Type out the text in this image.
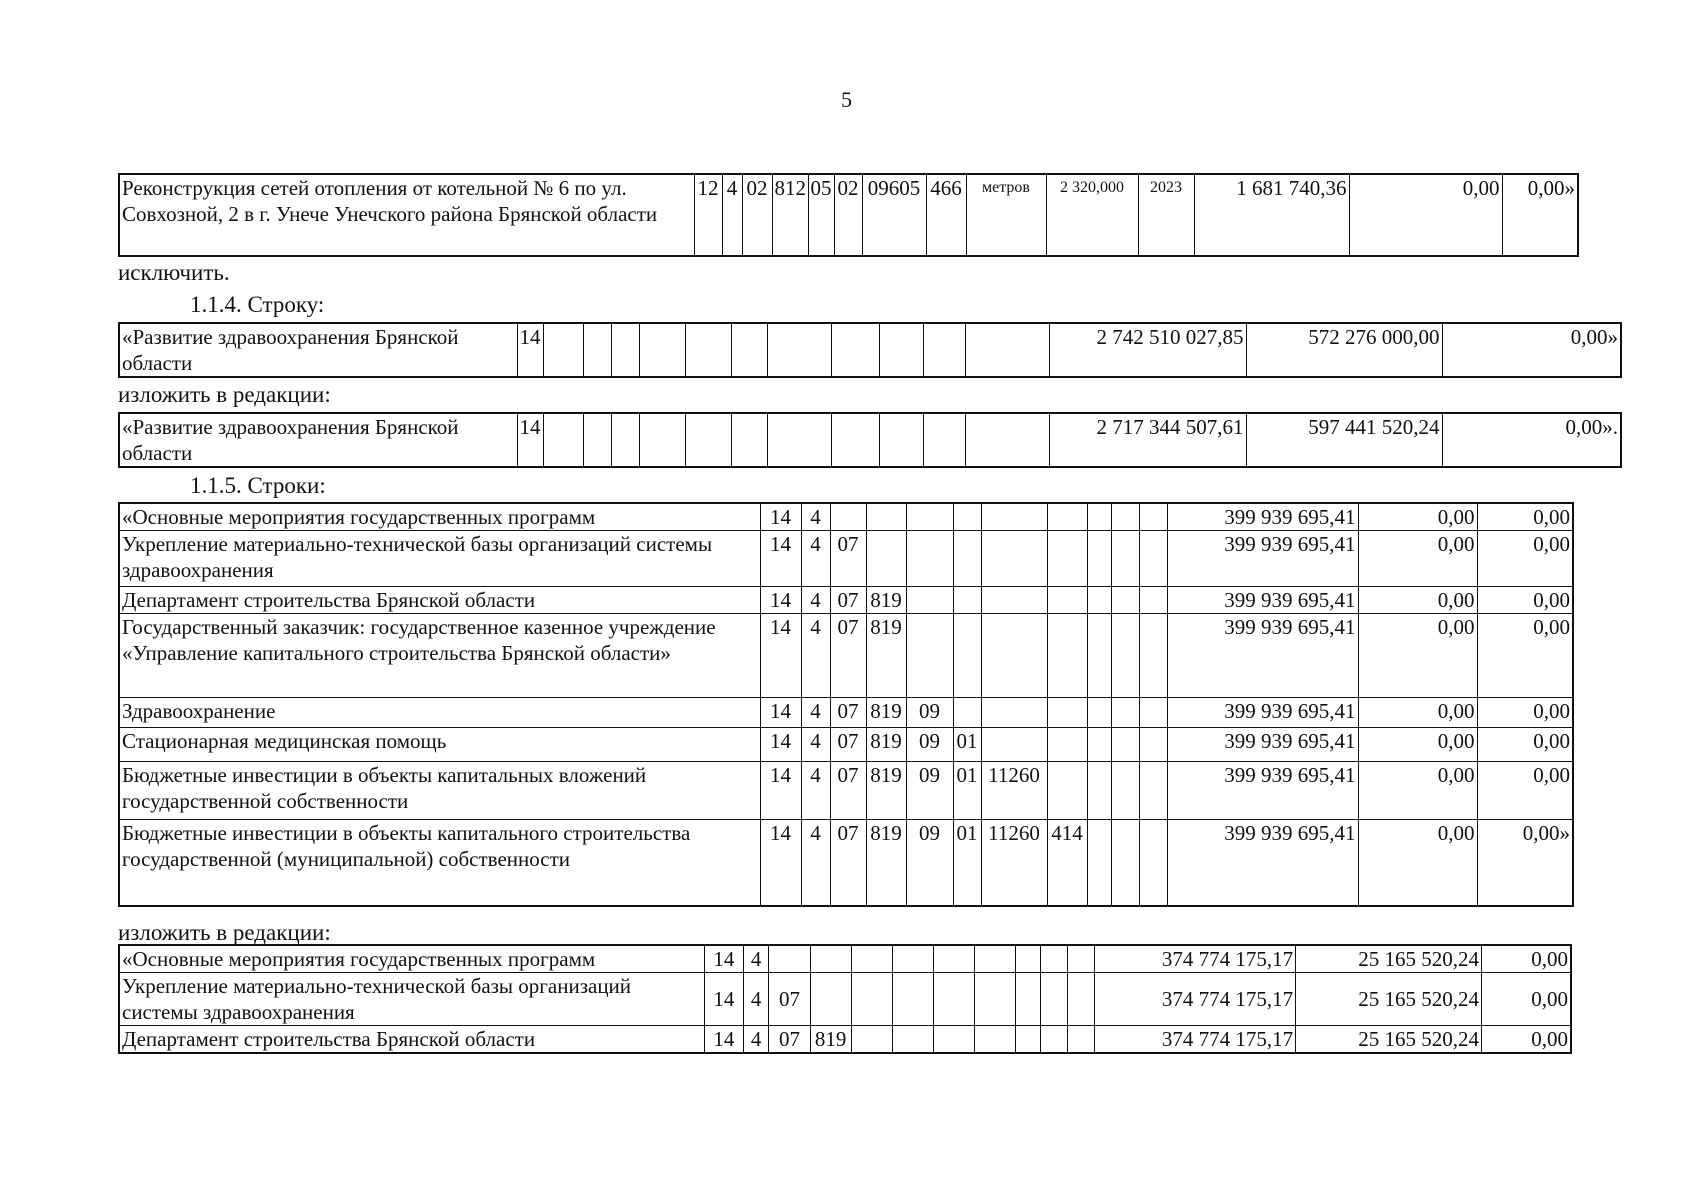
5
Реконструкция сетей отопления от котельной № 6 по ул. Совхозной, 2 в г. Унече Унечского района Брянской области	12	4	02	812	05	02	09605	466	метров	2 320,000	2023	1 681 740,36	0,00	0,00»
исключить.
1.1.4. Строку:
«Развитие здравоохранения Брянской области	14												2 742 510 027,85	572 276 000,00	0,00»
изложить в редакции:
«Развитие здравоохранения Брянской области	14												2 717 344 507,61	597 441 520,24	0,00».
1.1.5. Строки:
«Основные мероприятия государственных программ	14	4										399 939 695,41	0,00	0,00
Укрепление материально-технической базы организаций системы здравоохранения	14	4	07									399 939 695,41	0,00	0,00
Департамент строительства Брянской области	14	4	07	819								399 939 695,41	0,00	0,00
Государственный заказчик: государственное казенное учреждение «Управление капитального строительства Брянской области»	14	4	07	819								399 939 695,41	0,00	0,00
Здравоохранение	14	4	07	819	09							399 939 695,41	0,00	0,00
Стационарная медицинская помощь	14	4	07	819	09	01						399 939 695,41	0,00	0,00
Бюджетные инвестиции в объекты капитальных вложений государственной собственности	14	4	07	819	09	01	11260					399 939 695,41	0,00	0,00
Бюджетные инвестиции в объекты капитального строительства государственной (муниципальной) собственности	14	4	07	819	09	01	11260	414				399 939 695,41	0,00	0,00»
изложить в редакции:
«Основные мероприятия государственных программ	14	4										374 774 175,17	25 165 520,24	0,00
Укрепление материально-технической базы организаций системы здравоохранения	14	4	07									374 774 175,17	25 165 520,24	0,00
Департамент строительства Брянской области	14	4	07	819								374 774 175,17	25 165 520,24	0,00
